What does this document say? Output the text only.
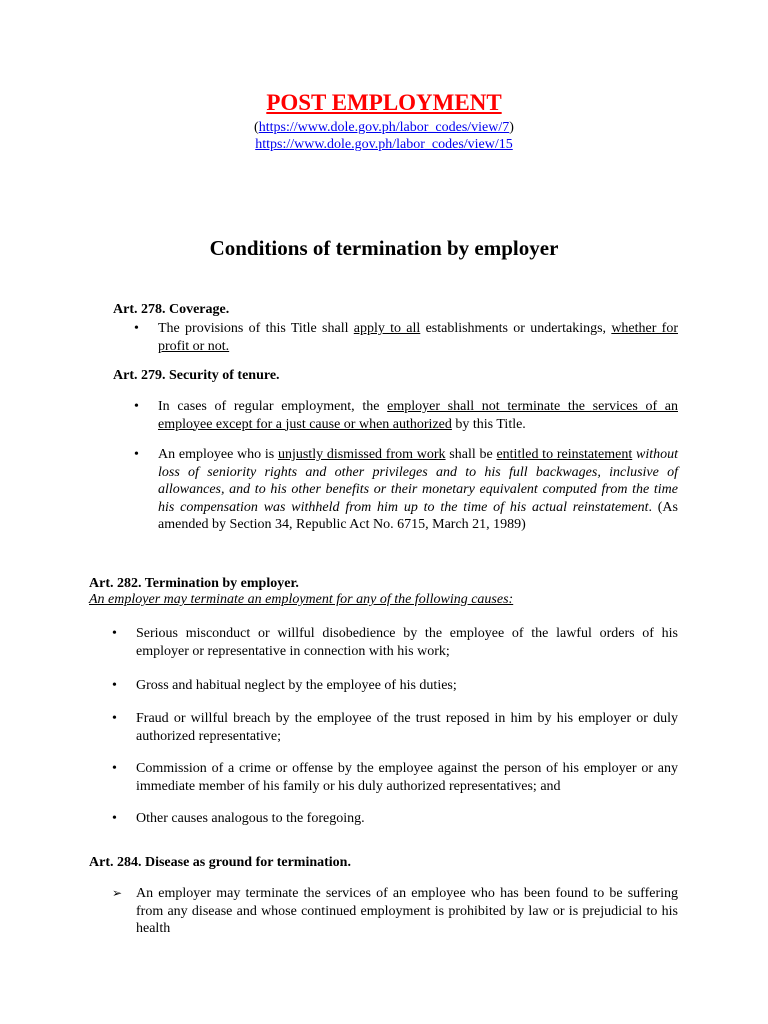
POST EMPLOYMENT
(https://www.dole.gov.ph/labor_codes/view/7)
https://www.dole.gov.ph/labor_codes/view/15
Conditions of termination by employer
Art. 278. Coverage.
• The provisions of this Title shall apply to all establishments or undertakings, whether for profit or not.
Art. 279. Security of tenure.
• In cases of regular employment, the employer shall not terminate the services of an employee except for a just cause or when authorized by this Title.
• An employee who is unjustly dismissed from work shall be entitled to reinstatement without loss of seniority rights and other privileges and to his full backwages, inclusive of allowances, and to his other benefits or their monetary equivalent computed from the time his compensation was withheld from him up to the time of his actual reinstatement. (As amended by Section 34, Republic Act No. 6715, March 21, 1989)
Art. 282. Termination by employer.
An employer may terminate an employment for any of the following causes:
• Serious misconduct or willful disobedience by the employee of the lawful orders of his employer or representative in connection with his work;
• Gross and habitual neglect by the employee of his duties;
• Fraud or willful breach by the employee of the trust reposed in him by his employer or duly authorized representative;
• Commission of a crime or offense by the employee against the person of his employer or any immediate member of his family or his duly authorized representatives; and
• Other causes analogous to the foregoing.
Art. 284. Disease as ground for termination.
➢ An employer may terminate the services of an employee who has been found to be suffering from any disease and whose continued employment is prohibited by law or is prejudicial to his health
